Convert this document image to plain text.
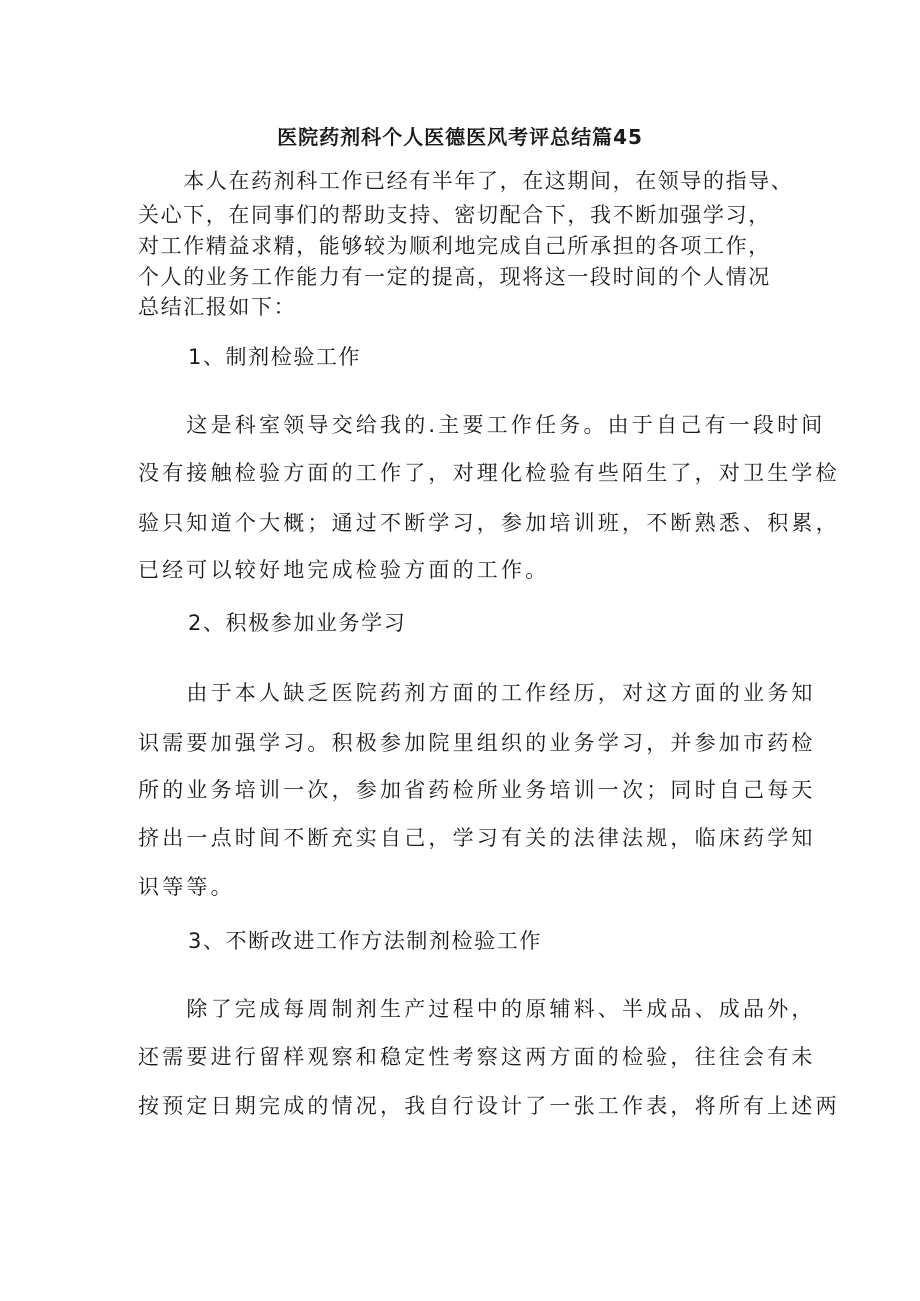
医院药剂科个人医德医风考评总结篇45

　　本人在药剂科工作已经有半年了，在这期间，在领导的指导、

关心下，在同事们的帮助支持、密切配合下，我不断加强学习，

对工作精益求精，能够较为顺利地完成自己所承担的各项工作，

个人的业务工作能力有一定的提高，现将这一段时间的个人情况

总结汇报如下：

1、制剂检验工作

　　这是科室领导交给我的.主要工作任务。由于自己有一段时间

没有接触检验方面的工作了，对理化检验有些陌生了，对卫生学检

验只知道个大概；通过不断学习，参加培训班，不断熟悉、积累，

已经可以较好地完成检验方面的工作。

2、积极参加业务学习

　　由于本人缺乏医院药剂方面的工作经历，对这方面的业务知

识需要加强学习。积极参加院里组织的业务学习，并参加市药检

所的业务培训一次，参加省药检所业务培训一次；同时自己每天

挤出一点时间不断充实自己，学习有关的法律法规，临床药学知

识等等。

3、不断改进工作方法制剂检验工作

　　除了完成每周制剂生产过程中的原辅料、半成品、成品外，

还需要进行留样观察和稳定性考察这两方面的检验，往往会有未

按预定日期完成的情况，我自行设计了一张工作表，将所有上述两
